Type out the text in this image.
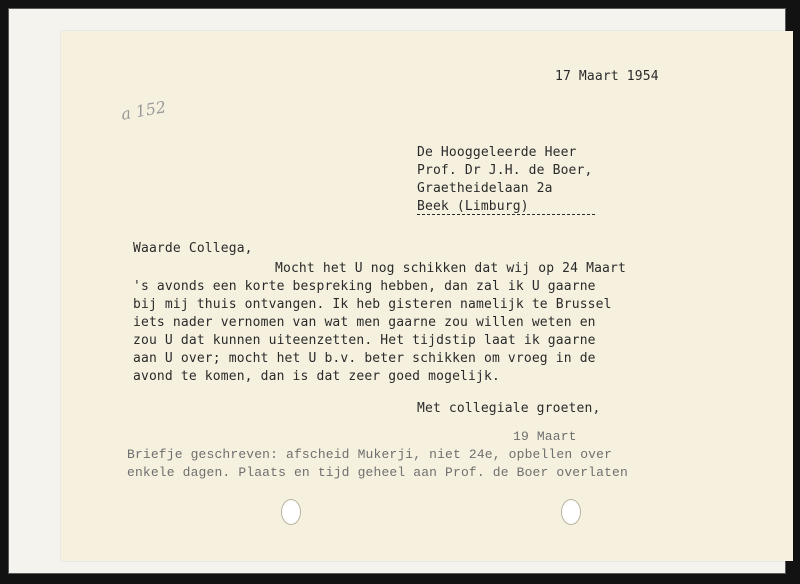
a 152
17 Maart 1954
De Hooggeleerde Heer
Prof. Dr J.H. de Boer,
Graetheidelaan 2a
Beek (Limburg)
Waarde Collega,
Mocht het U nog schikken dat wij op 24 Maart
's avonds een korte bespreking hebben, dan zal ik U gaarne
bij mij thuis ontvangen. Ik heb gisteren namelijk te Brussel
iets nader vernomen van wat men gaarne zou willen weten en
zou U dat kunnen uiteenzetten. Het tijdstip laat ik gaarne
aan U over; mocht het U b.v. beter schikken om vroeg in de
avond te komen, dan is dat zeer goed mogelijk.
Met collegiale groeten,
19 Maart
Briefje geschreven: afscheid Mukerji, niet 24e, opbellen over
enkele dagen. Plaats en tijd geheel aan Prof. de Boer overlaten
